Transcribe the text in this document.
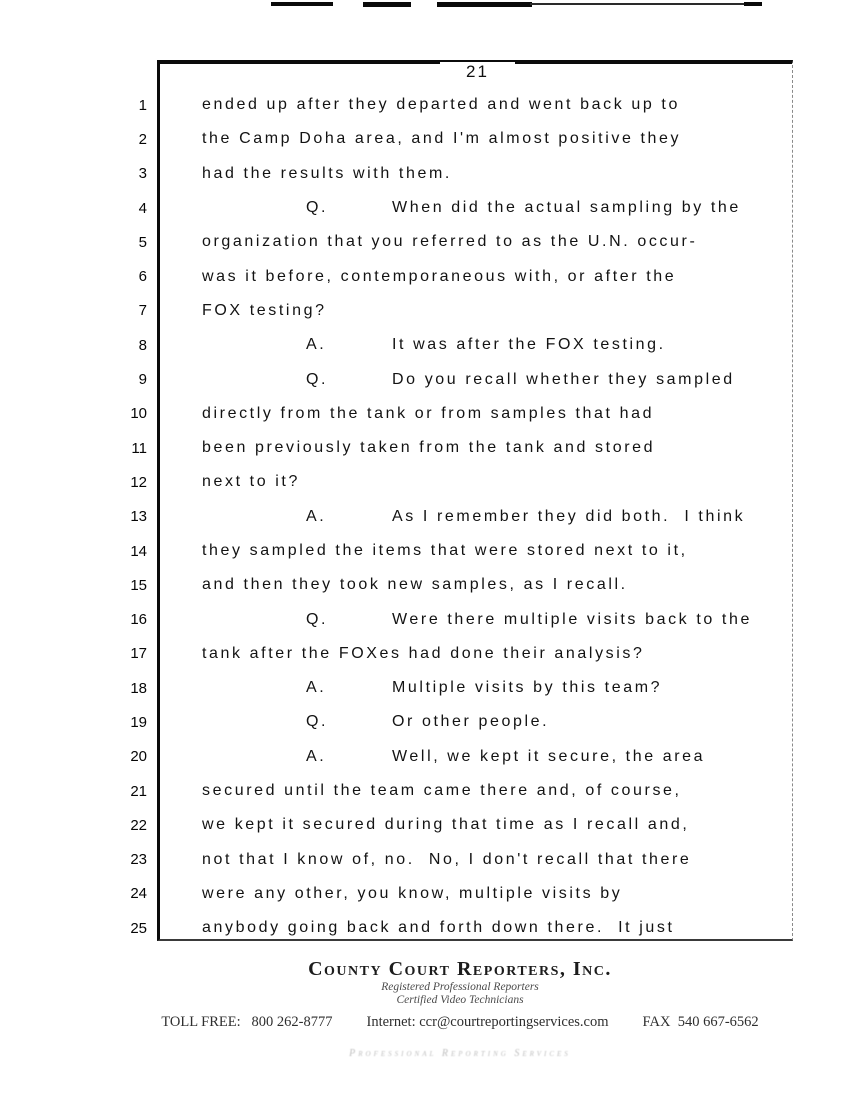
21
1	ended up after they departed and went back up to
2	the Camp Doha area, and I'm almost positive they
3	had the results with them.
4	Q.	When did the actual sampling by the
5	organization that you referred to as the U.N. occur-
6	was it before, contemporaneous with, or after the
7	FOX testing?
8	A.	It was after the FOX testing.
9	Q.	Do you recall whether they sampled
10	directly from the tank or from samples that had
11	been previously taken from the tank and stored
12	next to it?
13	A.	As I remember they did both.  I think
14	they sampled the items that were stored next to it,
15	and then they took new samples, as I recall.
16	Q.	Were there multiple visits back to the
17	tank after the FOXes had done their analysis?
18	A.	Multiple visits by this team?
19	Q.	Or other people.
20	A.	Well, we kept it secure, the area
21	secured until the team came there and, of course,
22	we kept it secured during that time as I recall and,
23	not that I know of, no.  No, I don't recall that there
24	were any other, you know, multiple visits by
25	anybody going back and forth down there.  It just
County Court Reporters, Inc.
Registered Professional Reporters
Certified Video Technicians
TOLL FREE:   800 262-8777 Internet: ccr@courtreportingservices.com FAX  540 667-6562
Professional Reporting Services
